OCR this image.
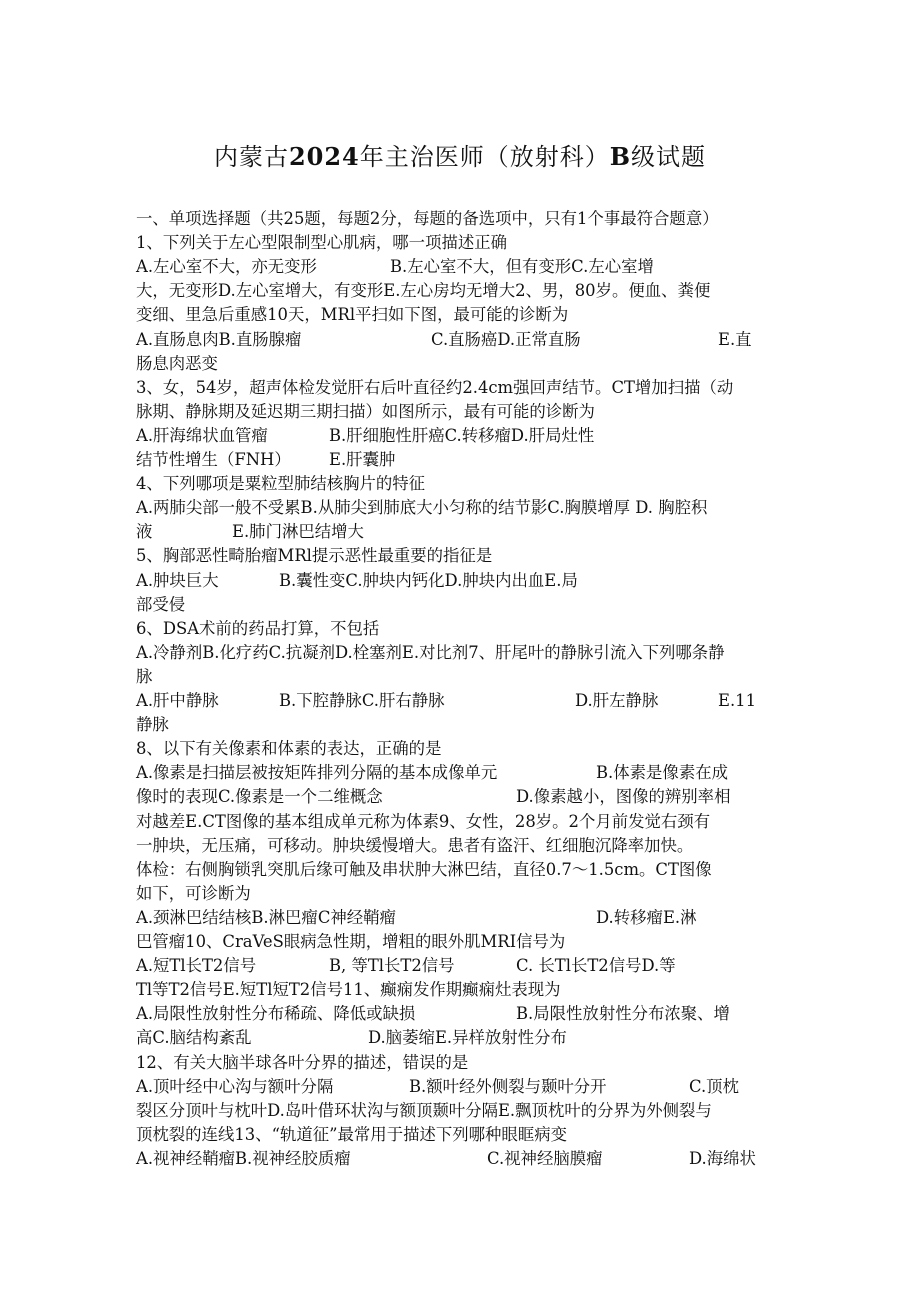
内蒙古2024年主治医师（放射科）B级试题

一、单项选择题（共25题，每题2分，每题的备选项中，只有1个事最符合题意）

1、下列关于左心型限制型心肌病，哪一项描述正确

A.左心室不大，亦无变形	B.左心室不大，但有变形C.左心室增

大，无变形D.左心室增大，有变形E.左心房均无增大2、男，80岁。便血、粪便

变细、里急后重感10天，MRl平扫如下图，最可能的诊断为

A.直肠息肉B.直肠腺瘤	C.直肠癌D.正常直肠	E.直

肠息肉恶变

3、女，54岁，超声体检发觉肝右后叶直径约2.4cm强回声结节。CT增加扫描（动

脉期、静脉期及延迟期三期扫描）如图所示，最有可能的诊断为

A.肝海绵状血管瘤	B.肝细胞性肝癌C.转移瘤D.肝局灶性

结节性增生（FNH） E.肝囊肿

4、下列哪项是粟粒型肺结核胸片的特征

A.两肺尖部一般不受累B.从肺尖到肺底大小匀称的结节影C.胸膜增厚 D. 胸腔积

液	E.肺门淋巴结增大

5、胸部恶性畸胎瘤MRl提示恶性最重要的指征是

A.肿块巨大	B.囊性变C.肿块内钙化D.肿块内出血E.局

部受侵

6、DSA术前的药品打算，不包括

A.冷静剂B.化疗药C.抗凝剂D.栓塞剂E.对比剂7、肝尾叶的静脉引流入下列哪条静

脉

A.肝中静脉	B.下腔静脉C.肝右静脉	D.肝左静脉	E.11

静脉

8、以下有关像素和体素的表达，正确的是

A.像素是扫描层被按矩阵排列分隔的基本成像单元	B.体素是像素在成

像时的表现C.像素是一个二维概念	D.像素越小，图像的辨别率相

对越差E.CT图像的基本组成单元称为体素9、女性，28岁。2个月前发觉右颈有

一肿块，无压痛，可移动。肿块缓慢增大。患者有盗汗、红细胞沉降率加快。

体检：右侧胸锁乳突肌后缘可触及串状肿大淋巴结，直径0.7～1.5cm。CT图像

如下，可诊断为

A.颈淋巴结结核B.淋巴瘤C神经鞘瘤	D.转移瘤E.淋

巴管瘤10、CraVeS眼病急性期，增粗的眼外肌MRI信号为

A.短Tl长T2信号	B, 等Tl长T2信号	C. 长Tl长T2信号D.等

Tl等T2信号E.短Tl短T2信号11、癫痫发作期癫痫灶表现为

A.局限性放射性分布稀疏、降低或缺损	B.局限性放射性分布浓聚、增

高C.脑结构紊乱	D.脑萎缩E.异样放射性分布

12、有关大脑半球各叶分界的描述，错误的是

A.顶叶经中心沟与额叶分隔	B.额叶经外侧裂与颞叶分开	C.顶枕

裂区分顶叶与枕叶D.岛叶借环状沟与额顶颞叶分隔E.飘顶枕叶的分界为外侧裂与

顶枕裂的连线13、“轨道征”最常用于描述下列哪种眼眶病变

A.视神经鞘瘤B.视神经胶质瘤	C.视神经脑膜瘤	D.海绵状
